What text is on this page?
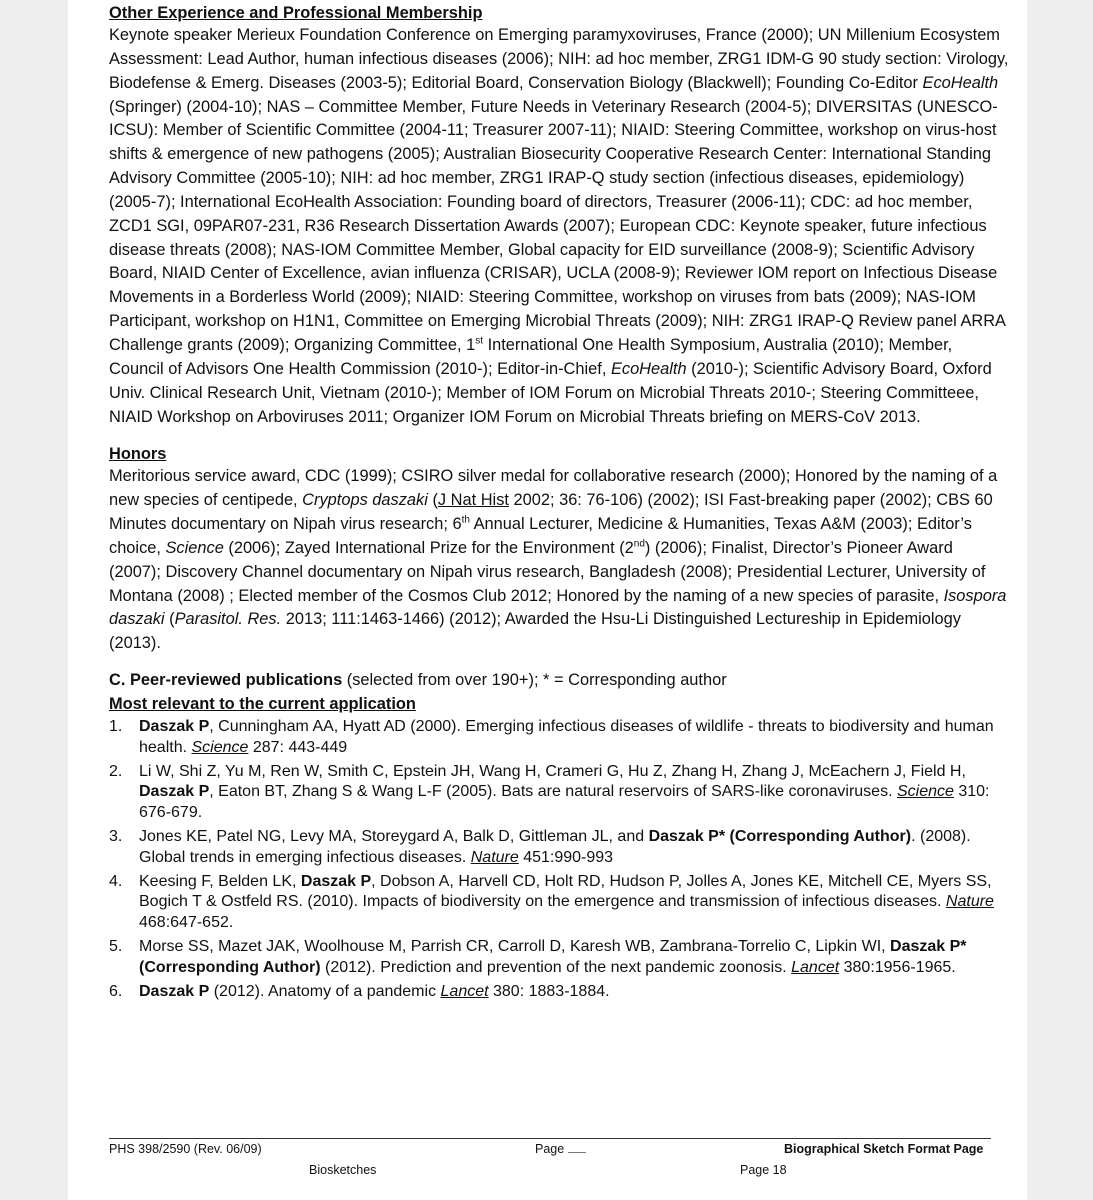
Other Experience and Professional Membership

Keynote speaker Merieux Foundation Conference on Emerging paramyxoviruses, France (2000); UN Millenium Ecosystem Assessment: Lead Author, human infectious diseases (2006); NIH: ad hoc member, ZRG1 IDM-G 90 study section: Virology, Biodefense & Emerg. Diseases (2003-5); Editorial Board, Conservation Biology (Blackwell); Founding Co-Editor EcoHealth (Springer) (2004-10); NAS – Committee Member, Future Needs in Veterinary Research (2004-5); DIVERSITAS (UNESCO-ICSU): Member of Scientific Committee (2004-11; Treasurer 2007-11); NIAID: Steering Committee, workshop on virus-host shifts & emergence of new pathogens (2005); Australian Biosecurity Cooperative Research Center: International Standing Advisory Committee (2005-10); NIH: ad hoc member, ZRG1 IRAP-Q study section (infectious diseases, epidemiology) (2005-7); International EcoHealth Association: Founding board of directors, Treasurer (2006-11); CDC: ad hoc member, ZCD1 SGI, 09PAR07-231, R36 Research Dissertation Awards (2007); European CDC: Keynote speaker, future infectious disease threats (2008); NAS-IOM Committee Member, Global capacity for EID surveillance (2008-9); Scientific Advisory Board, NIAID Center of Excellence, avian influenza (CRISAR), UCLA (2008-9); Reviewer IOM report on Infectious Disease Movements in a Borderless World (2009); NIAID: Steering Committee, workshop on viruses from bats (2009); NAS-IOM Participant, workshop on H1N1, Committee on Emerging Microbial Threats (2009); NIH: ZRG1 IRAP-Q Review panel ARRA Challenge grants (2009); Organizing Committee, 1st International One Health Symposium, Australia (2010); Member, Council of Advisors One Health Commission (2010-); Editor-in-Chief, EcoHealth (2010-); Scientific Advisory Board, Oxford Univ. Clinical Research Unit, Vietnam (2010-); Member of IOM Forum on Microbial Threats 2010-; Steering Committeee, NIAID Workshop on Arboviruses 2011; Organizer IOM Forum on Microbial Threats briefing on MERS-CoV 2013.

Honors

Meritorious service award, CDC (1999); CSIRO silver medal for collaborative research (2000); Honored by the naming of a new species of centipede, Cryptops daszaki (J Nat Hist 2002; 36: 76-106) (2002); ISI Fast-breaking paper (2002); CBS 60 Minutes documentary on Nipah virus research; 6th Annual Lecturer, Medicine & Humanities, Texas A&M (2003); Editor’s choice, Science (2006); Zayed International Prize for the Environment (2nd) (2006); Finalist, Director’s Pioneer Award (2007); Discovery Channel documentary on Nipah virus research, Bangladesh (2008); Presidential Lecturer, University of Montana (2008) ; Elected member of the Cosmos Club 2012; Honored by the naming of a new species of parasite, Isospora daszaki (Parasitol. Res. 2013; 111:1463-1466) (2012); Awarded the Hsu-Li Distinguished Lectureship in Epidemiology (2013).

C. Peer-reviewed publications (selected from over 190+); * = Corresponding author

Most relevant to the current application

1. Daszak P, Cunningham AA, Hyatt AD (2000). Emerging infectious diseases of wildlife - threats to biodiversity and human health. Science 287: 443-449
2. Li W, Shi Z, Yu M, Ren W, Smith C, Epstein JH, Wang H, Crameri G, Hu Z, Zhang H, Zhang J, McEachern J, Field H, Daszak P, Eaton BT, Zhang S & Wang L-F (2005). Bats are natural reservoirs of SARS-like coronaviruses. Science 310: 676-679.
3. Jones KE, Patel NG, Levy MA, Storeygard A, Balk D, Gittleman JL, and Daszak P* (Corresponding Author). (2008). Global trends in emerging infectious diseases. Nature 451:990-993
4. Keesing F, Belden LK, Daszak P, Dobson A, Harvell CD, Holt RD, Hudson P, Jolles A, Jones KE, Mitchell CE, Myers SS, Bogich T & Ostfeld RS. (2010). Impacts of biodiversity on the emergence and transmission of infectious diseases. Nature 468:647-652.
5. Morse SS, Mazet JAK, Woolhouse M, Parrish CR, Carroll D, Karesh WB, Zambrana-Torrelio C, Lipkin WI, Daszak P* (Corresponding Author) (2012). Prediction and prevention of the next pandemic zoonosis. Lancet 380:1956-1965.
6. Daszak P (2012). Anatomy of a pandemic Lancet 380: 1883-1884.
PHS 398/2590 (Rev. 06/09)	Page	Biographical Sketch Format Page
Biosketches	Page 18
